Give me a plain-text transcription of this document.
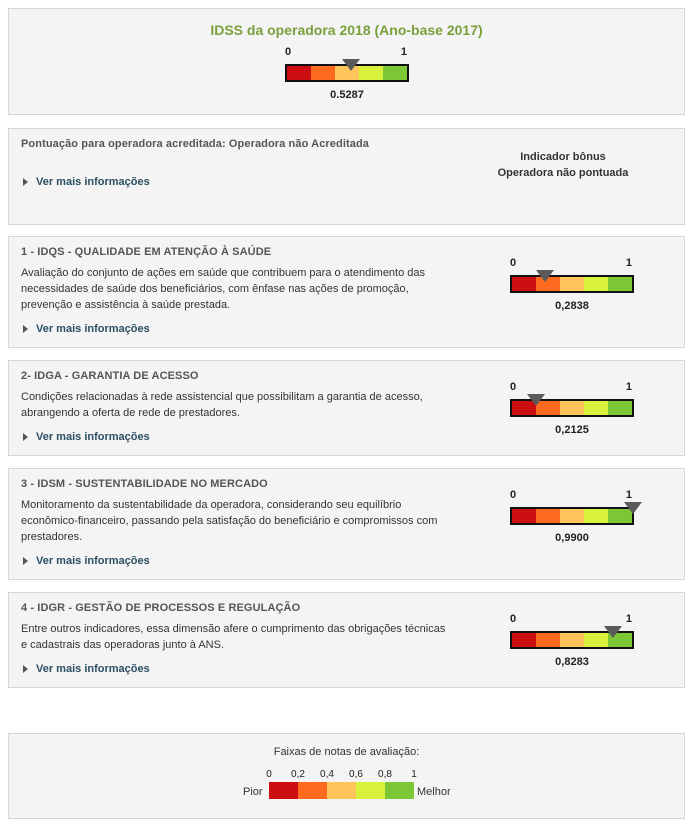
IDSS da operadora 2018 (Ano-base 2017)
0	1
0.5287
Pontuação para operadora acreditada: Operadora não Acreditada
Ver mais informações
Indicador bônus
Operadora não pontuada
1 - IDQS - QUALIDADE EM ATENÇÃO À SAÚDE
Avaliação do conjunto de ações em saúde que contribuem para o atendimento das necessidades de saúde dos beneficiários, com ênfase nas ações de promoção, prevenção e assistência à saúde prestada.
Ver mais informações
0	1
0,2838
2- IDGA - GARANTIA DE ACESSO
Condições relacionadas à rede assistencial que possibilitam a garantia de acesso, abrangendo a oferta de rede de prestadores.
Ver mais informações
0	1
0,2125
3 - IDSM - SUSTENTABILIDADE NO MERCADO
Monitoramento da sustentabilidade da operadora, considerando seu equilíbrio econômico-financeiro, passando pela satisfação do beneficiário e compromissos com prestadores.
Ver mais informações
0	1
0,9900
4 - IDGR - GESTÃO DE PROCESSOS E REGULAÇÃO
Entre outros indicadores, essa dimensão afere o cumprimento das obrigações técnicas e cadastrais das operadoras junto à ANS.
Ver mais informações
0	1
0,8283
Faixas de notas de avaliação:
0 0,2 0,4 0,6 0,8 1
Pior	Melhor
